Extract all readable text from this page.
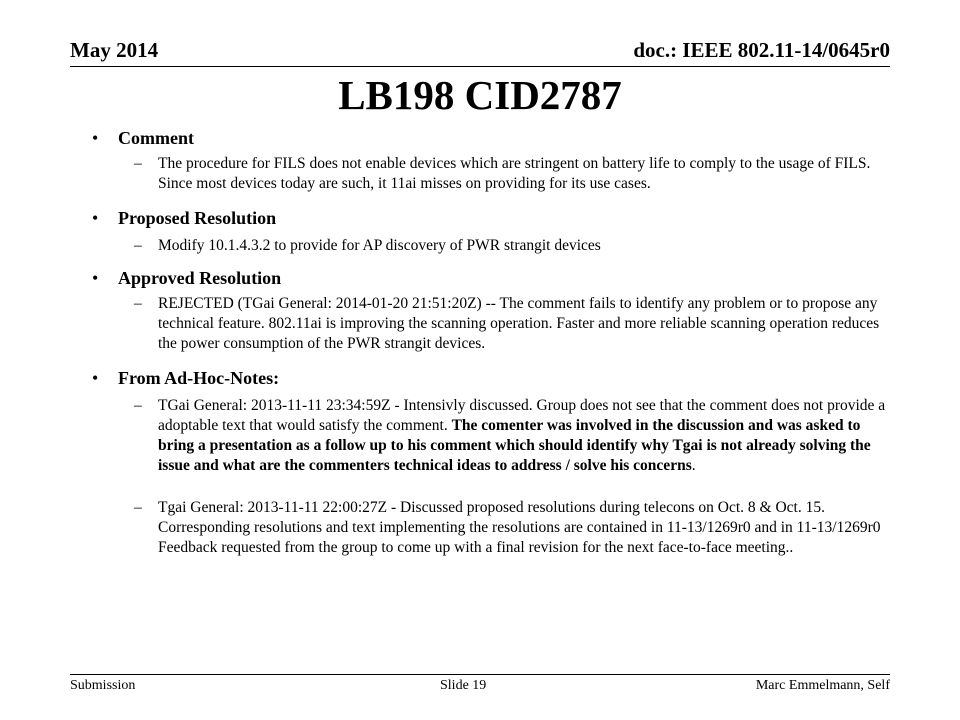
May 2014	doc.: IEEE 802.11-14/0645r0
LB198 CID2787

• Comment

– The procedure for FILS does not enable devices which are stringent on battery life to comply to the usage of FILS. Since most devices today are such, it 11ai misses on providing for its use cases.

• Proposed Resolution

– Modify 10.1.4.3.2 to provide for AP discovery of PWR strangit devices

• Approved Resolution

– REJECTED (TGai General: 2014-01-20 21:51:20Z) -- The comment fails to identify any problem or to propose any technical feature. 802.11ai is improving the scanning operation. Faster and more reliable scanning operation reduces the power consumption of the PWR strangit devices.

• From Ad-Hoc-Notes:

– TGai General: 2013-11-11 23:34:59Z - Intensivly discussed. Group does not see that the comment does not provide a adoptable text that would satisfy the comment. The comenter was involved in the discussion and was asked to bring a presentation as a follow up to his comment which should identify why Tgai is not already solving the issue and what are the commenters technical ideas to address / solve his concerns.

– Tgai General: 2013-11-11 22:00:27Z - Discussed proposed resolutions during telecons on Oct. 8 & Oct. 15. Corresponding resolutions and text implementing the resolutions are contained in 11-13/1269r0 and in 11-13/1269r0 Feedback requested from the group to come up with a final revision for the next face-to-face meeting..

Submission	Slide 19	Marc Emmelmann, Self
